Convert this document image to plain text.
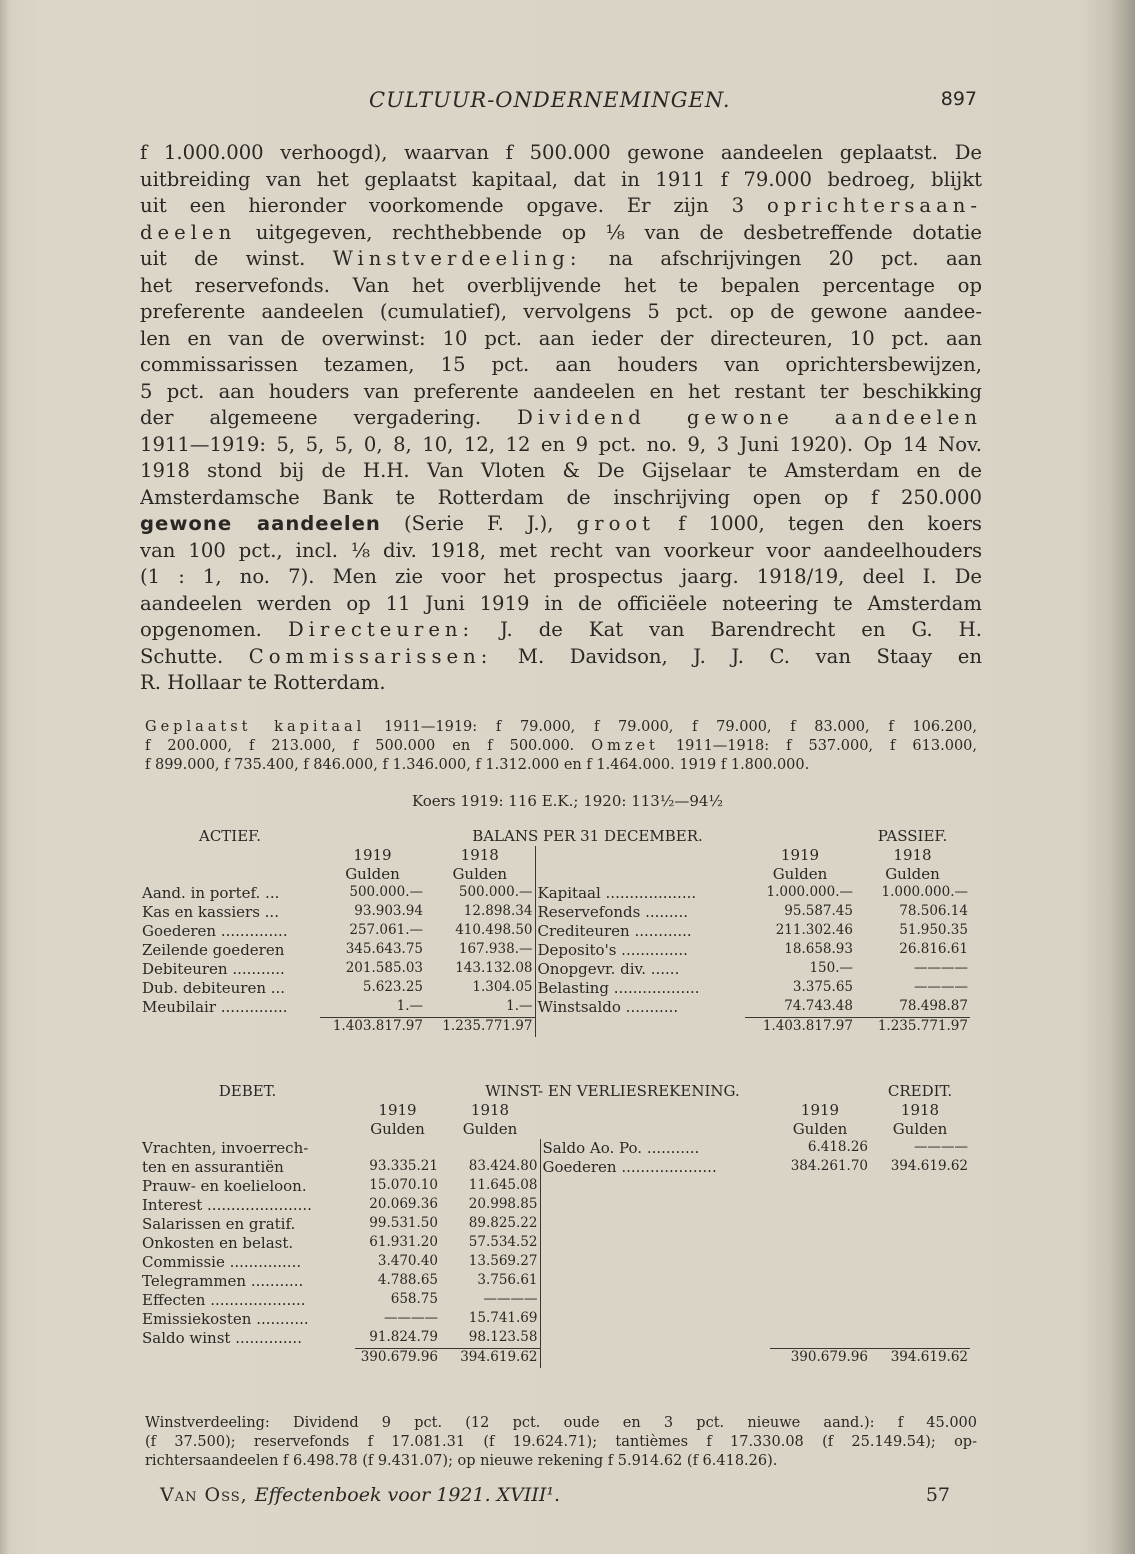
CULTUUR-ONDERNEMINGEN.	897
f 1.000.000 verhoogd), waarvan f 500.000 gewone aandeelen geplaatst. De
uitbreiding van het geplaatst kapitaal, dat in 1911 f 79.000 bedroeg, blijkt
uit een hieronder voorkomende opgave. Er zijn 3 oprichtersaan-
deelen uitgegeven, rechthebbende op ⅛ van de desbetreffende dotatie
uit de winst. Winstverdeeling: na afschrijvingen 20 pct. aan
het reservefonds. Van het overblijvende het te bepalen percentage op
preferente aandeelen (cumulatief), vervolgens 5 pct. op de gewone aandee-
len en van de overwinst: 10 pct. aan ieder der directeuren, 10 pct. aan
commissarissen tezamen, 15 pct. aan houders van oprichtersbewijzen,
5 pct. aan houders van preferente aandeelen en het restant ter beschikking
der algemeene vergadering. Dividend gewone aandeelen
1911—1919: 5, 5, 5, 0, 8, 10, 12, 12 en 9 pct. no. 9, 3 Juni 1920). Op 14 Nov.
1918 stond bij de H.H. Van Vloten & De Gijselaar te Amsterdam en de
Amsterdamsche Bank te Rotterdam de inschrijving open op f 250.000
gewone aandeelen (Serie F. J.), groot f 1000, tegen den koers
van 100 pct., incl. ⅛ div. 1918, met recht van voorkeur voor aandeelhouders
(1 : 1, no. 7). Men zie voor het prospectus jaarg. 1918/19, deel I. De
aandeelen werden op 11 Juni 1919 in de officiëele noteering te Amsterdam
opgenomen. Directeuren: J. de Kat van Barendrecht en G. H.
Schutte. Commissarissen: M. Davidson, J. J. C. van Staay en
R. Hollaar te Rotterdam.
Geplaatst kapitaal 1911—1919: f 79.000, f 79.000, f 79.000, f 83.000, f 106.200,
f 200.000, f 213.000, f 500.000 en f 500.000. Omzet 1911—1918: f 537.000, f 613.000,
f 899.000, f 735.400, f 846.000, f 1.346.000, f 1.312.000 en f 1.464.000. 1919 f 1.800.000.
Koers 1919: 116 E.K.; 1920: 113½—94½
ACTIEF.	BALANS PER 31 DECEMBER.				PASSIEF.
	1919	1918		1919	1918
	Gulden	Gulden		Gulden	Gulden
Aand. in portef. ...	500.000.—	500.000.—	Kapitaal ...................	1.000.000.—	1.000.000.—
Kas en kassiers ...	93.903.94	12.898.34	Reservefonds .........	95.587.45	78.506.14
Goederen ..............	257.061.—	410.498.50	Crediteuren ............	211.302.46	51.950.35
Zeilende goederen	345.643.75	167.938.—	Deposito's ..............	18.658.93	26.816.61
Debiteuren ...........	201.585.03	143.132.08	Onopgevr. div. ......	150.—	————
Dub. debiteuren ...	5.623.25	1.304.05	Belasting ..................	3.375.65	————
Meubilair ..............	1.—	1.—	Winstsaldo ...........	74.743.48	78.498.87
	1.403.817.97	1.235.771.97		1.403.817.97	1.235.771.97
DEBET.	WINST- EN VERLIESREKENING.				CREDIT.
	1919	1918		1919	1918
	Gulden	Gulden		Gulden	Gulden
Vrachten, invoerrech-			Saldo Ao. Po. ...........	6.418.26	————
ten en assurantiën	93.335.21	83.424.80	Goederen ....................	384.261.70	394.619.62
Prauw- en koelieloon.	15.070.10	11.645.08			
Interest ......................	20.069.36	20.998.85			
Salarissen en gratif.	99.531.50	89.825.22			
Onkosten en belast.	61.931.20	57.534.52			
Commissie ...............	3.470.40	13.569.27			
Telegrammen ...........	4.788.65	3.756.61			
Effecten ....................	658.75	————			
Emissiekosten ...........	————	15.741.69			
Saldo winst ..............	91.824.79	98.123.58			
	390.679.96	394.619.62		390.679.96	394.619.62
Winstverdeeling: Dividend 9 pct. (12 pct. oude en 3 pct. nieuwe aand.): f 45.000
(f 37.500); reservefonds f 17.081.31 (f 19.624.71); tantièmes f 17.330.08 (f 25.149.54); op-
richtersaandeelen f 6.498.78 (f 9.431.07); op nieuwe rekening f 5.914.62 (f 6.418.26).
Van Oss, Effectenboek voor 1921. XVIII¹.	57
